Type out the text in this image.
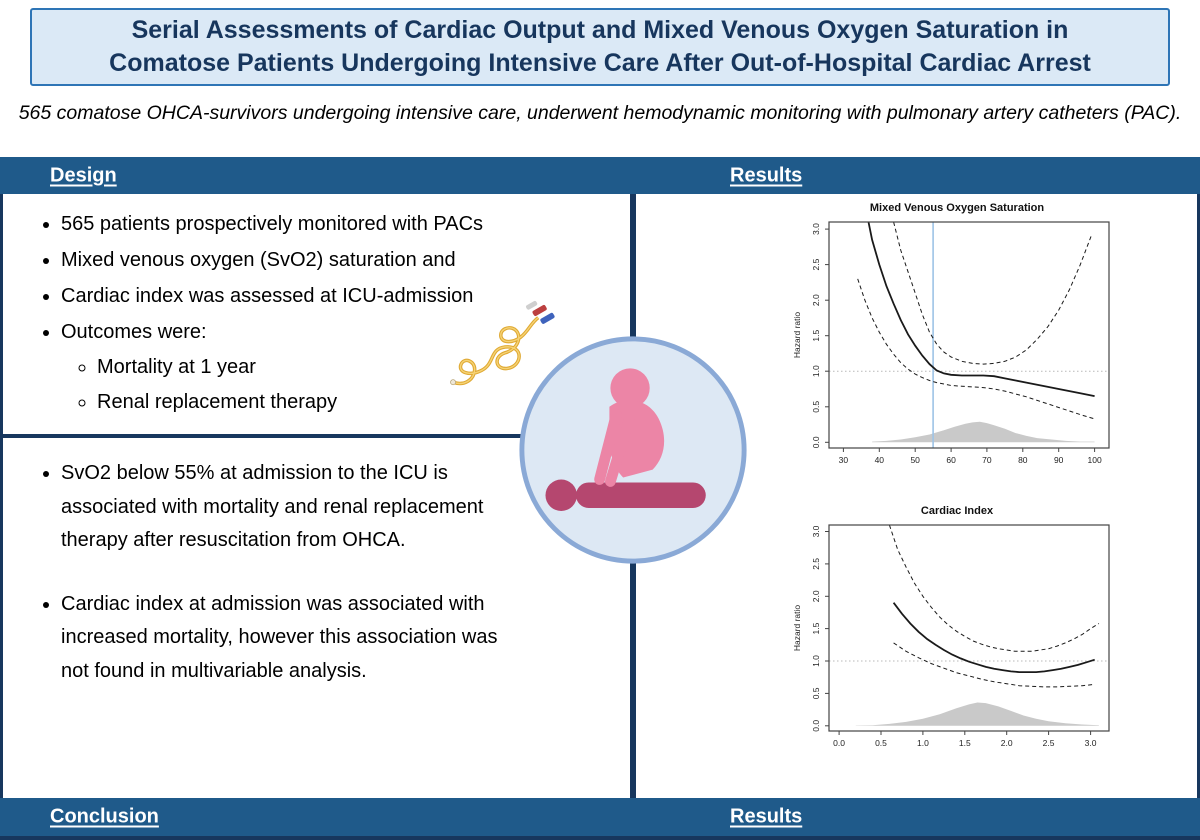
Serial Assessments of Cardiac Output and Mixed Venous Oxygen Saturation in Comatose Patients Undergoing Intensive Care After Out-of-Hospital Cardiac Arrest
565 comatose OHCA-survivors undergoing intensive care, underwent hemodynamic monitoring with pulmonary artery catheters (PAC).
Design	Results
• 565 patients prospectively monitored with PACs
• Mixed venous oxygen (SvO2) saturation and
• Cardiac index was assessed at ICU-admission
• Outcomes were:
◦ Mortality at 1 year
◦ Renal replacement therapy
• SvO2 below 55% at admission to the ICU is associated with mortality and renal replacement therapy after resuscitation from OHCA.
• Cardiac index at admission was associated with increased mortality, however this association was not found in multivariable analysis.
Mixed Venous Oxygen Saturation
30	40	50	60	70	80	90	100
0.0
0.5
1.0
1.5
2.0
2.5
3.0
Hazard ratio
Cardiac Index
0.0	0.5	1.0	1.5	2.0	2.5	3.0
0.0
0.5
1.0
1.5
2.0
2.5
3.0
Hazard ratio
Conclusion	Results
